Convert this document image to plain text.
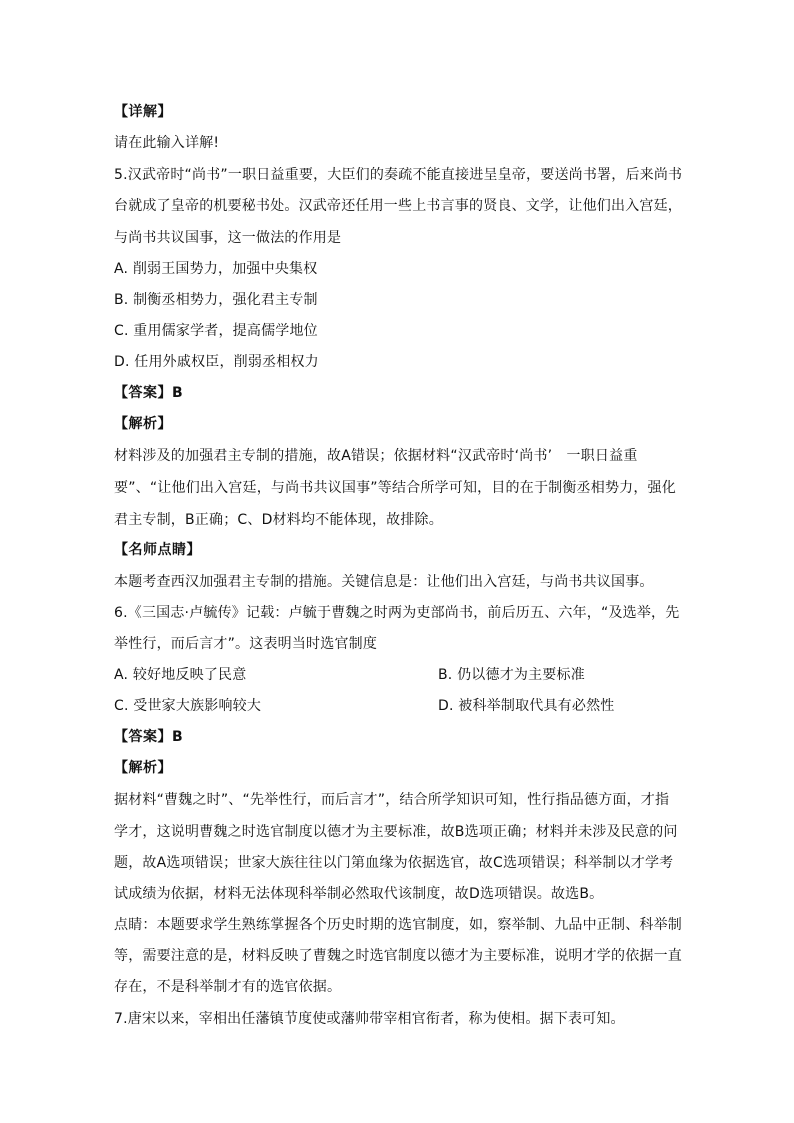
【详解】
请在此输入详解!
5.汉武帝时“尚书”一职日益重要，大臣们的奏疏不能直接进呈皇帝，要送尚书署，后来尚书
台就成了皇帝的机要秘书处。汉武帝还任用一些上书言事的贤良、文学，让他们出入宫廷，
与尚书共议国事，这一做法的作用是
A. 削弱王国势力，加强中央集权
B. 制衡丞相势力，强化君主专制
C. 重用儒家学者，提高儒学地位
D. 任用外戚权臣，削弱丞相权力
【答案】B
【解析】
材料涉及的加强君主专制的措施，故A错误；依据材料“汉武帝时‘尚书’　一职日益重
要”、“让他们出入宫廷，与尚书共议国事”等结合所学可知，目的在于制衡丞相势力，强化
君主专制，B正确；C、D材料均不能体现，故排除。
【名师点睛】
本题考查西汉加强君主专制的措施。关键信息是：让他们出入宫廷，与尚书共议国事。
6.《三国志·卢毓传》记载：卢毓于曹魏之时两为吏部尚书，前后历五、六年，“及选举，先
举性行，而后言才”。这表明当时选官制度
A. 较好地反映了民意	B. 仍以德才为主要标准
C. 受世家大族影响较大	D. 被科举制取代具有必然性
【答案】B
【解析】
据材料“曹魏之时”、“先举性行，而后言才”，结合所学知识可知，性行指品德方面，才指
学才，这说明曹魏之时选官制度以德才为主要标准，故B选项正确；材料并未涉及民意的问
题，故A选项错误；世家大族往往以门第血缘为依据选官，故C选项错误；科举制以才学考
试成绩为依据，材料无法体现科举制必然取代该制度，故D选项错误。故选B。
点睛：本题要求学生熟练掌握各个历史时期的选官制度，如，察举制、九品中正制、科举制
等，需要注意的是，材料反映了曹魏之时选官制度以德才为主要标准，说明才学的依据一直
存在，不是科举制才有的选官依据。
7.唐宋以来，宰相出任藩镇节度使或藩帅带宰相官衔者，称为使相。据下表可知。
